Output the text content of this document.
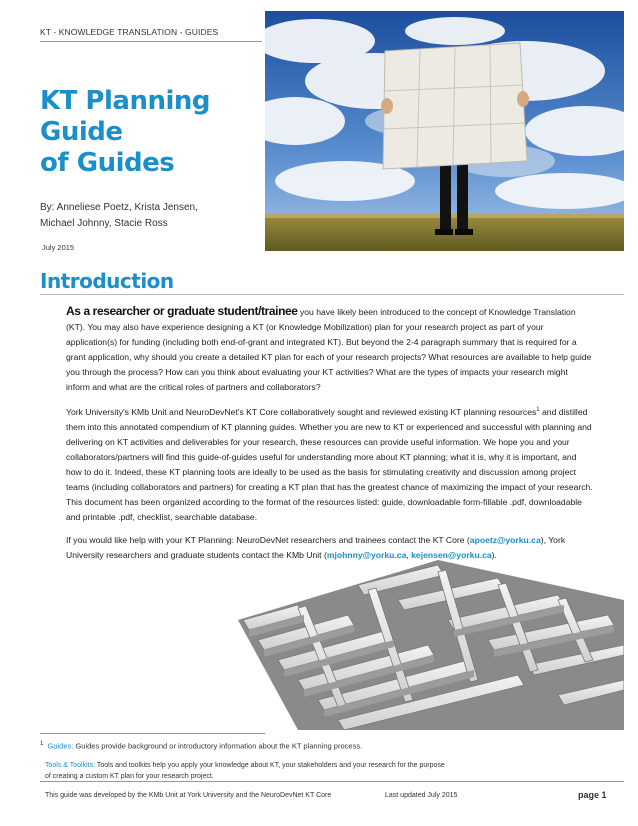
KT - KNOWLEDGE TRANSLATION - GUIDES
KT Planning
Guide
of Guides
By: Anneliese Poetz, Krista Jensen,
Michael Johnny, Stacie Ross
July 2015
Introduction

As a researcher or graduate student/trainee you have likely been introduced to the concept of Knowledge Translation (KT). You may also have experience designing a KT (or Knowledge Mobilization) plan for your research project as part of your application(s) for funding (including both end-of-grant and integrated KT). But beyond the 2-4 paragraph summary that is required for a grant application, why should you create a detailed KT plan for each of your research projects? What resources are available to help guide you through the process? How can you think about evaluating your KT activities? What are the types of impacts your research might inform and what are the critical roles of partners and collaborators?

York University's KMb Unit and NeuroDevNet's KT Core collaboratively sought and reviewed existing KT planning resources$^1$ and distilled them into this annotated compendium of KT planning guides. Whether you are new to KT or experienced and successful with planning and delivering on KT activities and deliverables for your research, these resources can provide useful information. We hope you and your collaborators/partners will find this guide-of-guides useful for understanding more about KT planning; what it is, why it is important, and how to do it. Indeed, these KT planning tools are ideally to be used as the basis for stimulating creativity and discussion among project teams (including collaborators and partners) for creating a KT plan that has the greatest chance of maximizing the impact of your research. This document has been organized according to the format of the resources listed: guide, downloadable form-fillable .pdf, downloadable and printable .pdf, checklist, searchable database.

If you would like help with your KT Planning: NeuroDevNet researchers and trainees contact the KT Core (apoetz@yorku.ca), York University researchers and graduate students contact the KMb Unit (mjohnny@yorku.ca, kejensen@yorku.ca).

$^1$ Guides: Guides provide background or introductory information about the KT planning process.
Tools & Toolkits: Tools and toolkits help you apply your knowledge about KT, your stakeholders and your research for the purpose of creating a custom KT plan for your research project.
This guide was developed by the KMb Unit at York University and the NeuroDevNet KT Core	Last updated July 2015	page 1
